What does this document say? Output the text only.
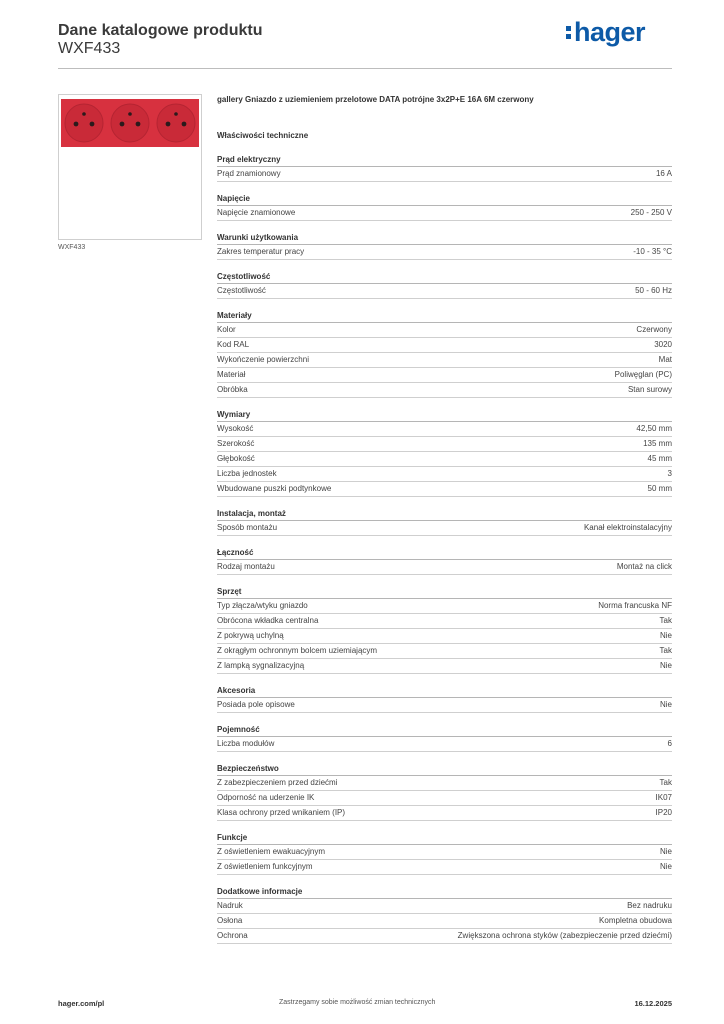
Dane katalogowe produktu
WXF433
hager
WXF433
gallery Gniazdo z uziemieniem przelotowe DATA potrójne 3x2P+E 16A 6M czerwony
Właściwości techniczne
Prąd elektryczny
Prąd znamionowy	16 A
Napięcie
Napięcie znamionowe	250 - 250 V
Warunki użytkowania
Zakres temperatur pracy	-10 - 35 °C
Częstotliwość
Częstotliwość	50 - 60 Hz
Materiały
Kolor	Czerwony
Kod RAL	3020
Wykończenie powierzchni	Mat
Materiał	Poliwęglan (PC)
Obróbka	Stan surowy
Wymiary
Wysokość	42,50 mm
Szerokość	135 mm
Głębokość	45 mm
Liczba jednostek	3
Wbudowane puszki podtynkowe	50 mm
Instalacja, montaż
Sposób montażu	Kanał elektroinstalacyjny
Łączność
Rodzaj montażu	Montaż na click
Sprzęt
Typ złącza/wtyku gniazdo	Norma francuska NF
Obrócona wkładka centralna	Tak
Z pokrywą uchylną	Nie
Z okrągłym ochronnym bolcem uziemiającym	Tak
Z lampką sygnalizacyjną	Nie
Akcesoria
Posiada pole opisowe	Nie
Pojemność
Liczba modułów	6
Bezpieczeństwo
Z zabezpieczeniem przed dziećmi	Tak
Odporność na uderzenie IK	IK07
Klasa ochrony przed wnikaniem (IP)	IP20
Funkcje
Z oświetleniem ewakuacyjnym	Nie
Z oświetleniem funkcyjnym	Nie
Dodatkowe informacje
Nadruk	Bez nadruku
Osłona	Kompletna obudowa
Ochrona	Zwiększona ochrona styków (zabezpieczenie przed dziećmi)
hager.com/pl	Zastrzegamy sobie możliwość zmian technicznych	16.12.2025
